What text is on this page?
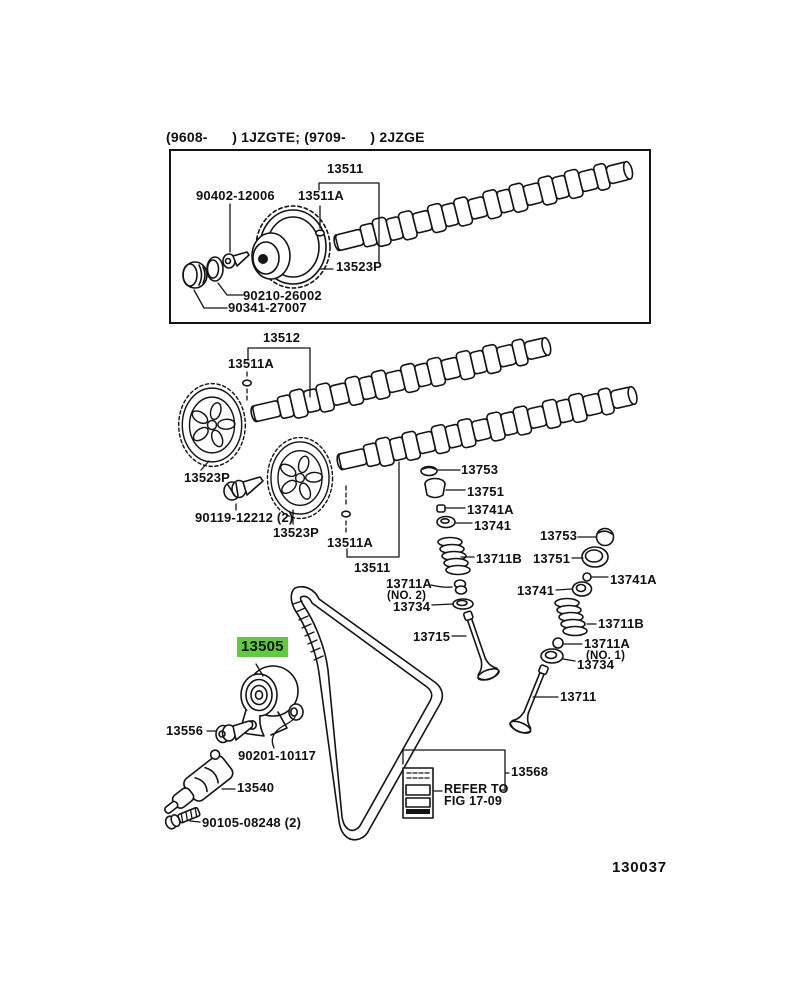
(9608-      ) 1JZGTE; (9709-      ) 2JZGE
13511
13511A
90402-12006
13523P
90210-26002
90341-27007
13512
13511A
13523P
90119-12212 (2)
13523P
13511A
13511
13753
13751
13741A
13741
13711B
13711A
(NO. 2)
13734
13715
13753
13751
13741A
13741
13711B
13711A
(NO. 1)
13734
13711
13505
13556
90201-10117
13540
90105-08248 (2)
13568
REFER TO
FIG 17-09
130037
